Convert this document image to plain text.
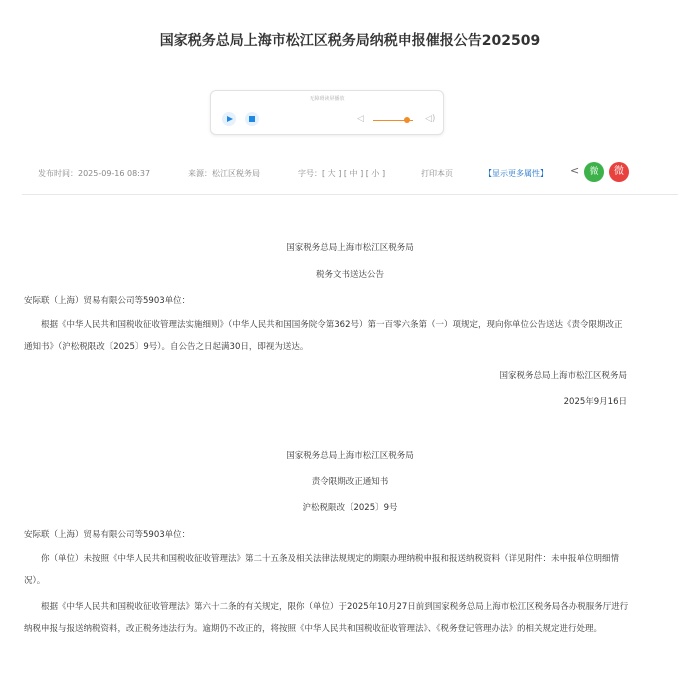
国家税务总局上海市松江区税务局纳税申报催报公告202509
无障碍读屏播放
◁	◁)
发布时间：2025-09-16 08:37	来源：松江区税务局	字号：[ 大 ] [ 中 ] [ 小 ]	打印本页	【显示更多属性】 <	微	微
国家税务总局上海市松江区税务局
税务文书送达公告
安际联（上海）贸易有限公司等5903单位：
根据《中华人民共和国税收征收管理法实施细则》（中华人民共和国国务院令第362号）第一百零六条第（一）项规定，现向你单位公告送达《责令限期改正通知书》（沪松税限改〔2025〕9号）。自公告之日起满30日，即视为送达。
国家税务总局上海市松江区税务局
2025年9月16日
国家税务总局上海市松江区税务局
责令限期改正通知书
沪松税限改〔2025〕9号
安际联（上海）贸易有限公司等5903单位：
你（单位）未按照《中华人民共和国税收征收管理法》第二十五条及相关法律法规规定的期限办理纳税申报和报送纳税资料（详见附件：未申报单位明细情况）。
根据《中华人民共和国税收征收管理法》第六十二条的有关规定，限你（单位）于2025年10月27日前到国家税务总局上海市松江区税务局各办税服务厅进行纳税申报与报送纳税资料，改正税务违法行为。逾期仍不改正的，将按照《中华人民共和国税收征收管理法》、《税务登记管理办法》的相关规定进行处理。
